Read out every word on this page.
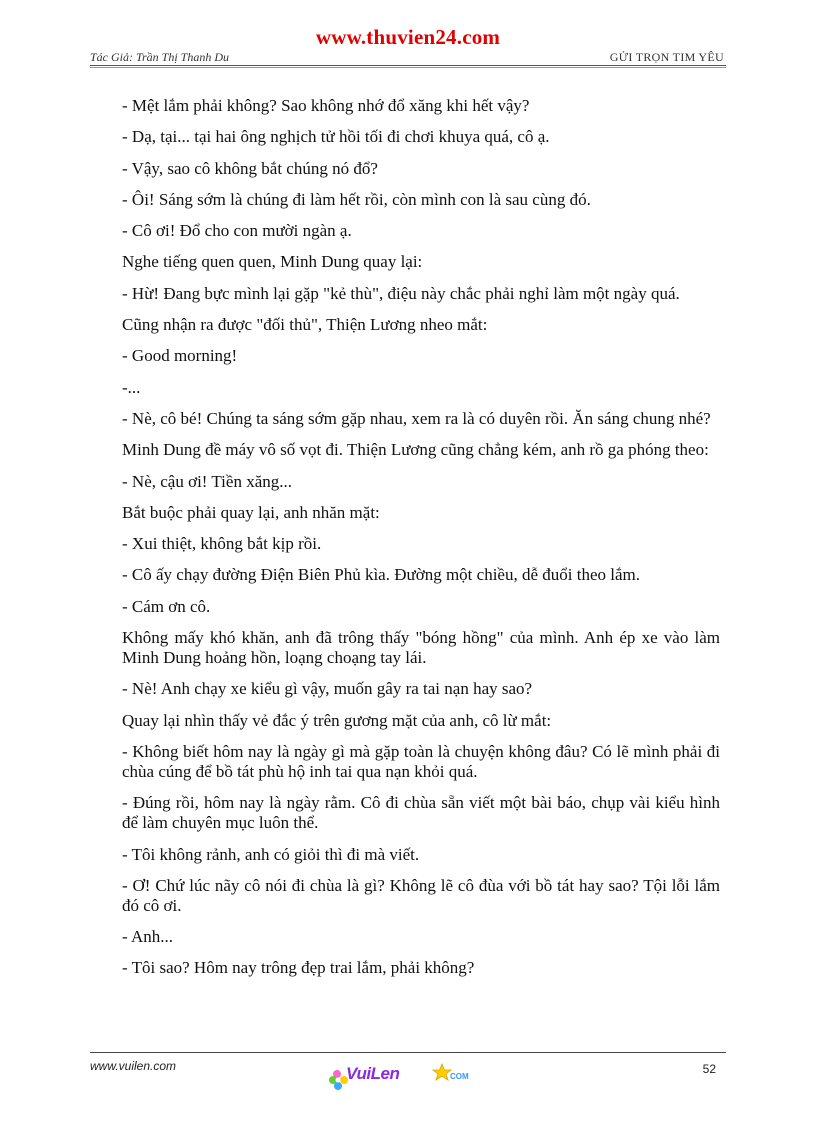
www.thuvien24.com
Tác Giả: Trần Thị Thanh Du	GỬI TRỌN TIM YÊU

- Mệt lắm phải không? Sao không nhớ đổ xăng khi hết vậy?

- Dạ, tại... tại hai ông nghịch tử hồi tối đi chơi khuya quá, cô ạ.

- Vậy, sao cô không bắt chúng nó đổ?

- Ôi! Sáng sớm là chúng đi làm hết rồi, còn mình con là sau cùng đó.

- Cô ơi! Đổ cho con mười ngàn ạ.

Nghe tiếng quen quen, Minh Dung quay lại:

- Hừ! Đang bực mình lại gặp "kẻ thù", điệu này chắc phải nghỉ làm một ngày quá.

Cũng nhận ra được "đối thủ", Thiện Lương nheo mắt:

- Good morning!

-...

- Nè, cô bé! Chúng ta sáng sớm gặp nhau, xem ra là có duyên rồi. Ăn sáng chung nhé?

Minh Dung đề máy vô số vọt đi. Thiện Lương cũng chẳng kém, anh rồ ga phóng theo:

- Nè, cậu ơi! Tiền xăng...

Bắt buộc phải quay lại, anh nhăn mặt:

- Xui thiệt, không bắt kịp rồi.

- Cô ấy chạy đường Điện Biên Phủ kìa. Đường một chiều, dễ đuổi theo lắm.

- Cám ơn cô.

Không mấy khó khăn, anh đã trông thấy "bóng hồng" của mình. Anh ép xe vào làm Minh Dung hoảng hồn, loạng choạng tay lái.

- Nè! Anh chạy xe kiểu gì vậy, muốn gây ra tai nạn hay sao?

Quay lại nhìn thấy vẻ đắc ý trên gương mặt của anh, cô lừ mắt:

- Không biết hôm nay là ngày gì mà gặp toàn là chuyện không đâu? Có lẽ mình phải đi chùa cúng để bồ tát phù hộ inh tai qua nạn khỏi quá.

- Đúng rồi, hôm nay là ngày rằm. Cô đi chùa sẵn viết một bài báo, chụp vài kiểu hình để làm chuyên mục luôn thể.

- Tôi không rảnh, anh có giỏi thì đi mà viết.

- Ơ! Chứ lúc nãy cô nói đi chùa là gì? Không lẽ cô đùa với bồ tát hay sao? Tội lỗi lắm đó cô ơi.

- Anh...

- Tôi sao? Hôm nay trông đẹp trai lắm, phải không?

www.vuilen.com	VuiLen	COM
52
